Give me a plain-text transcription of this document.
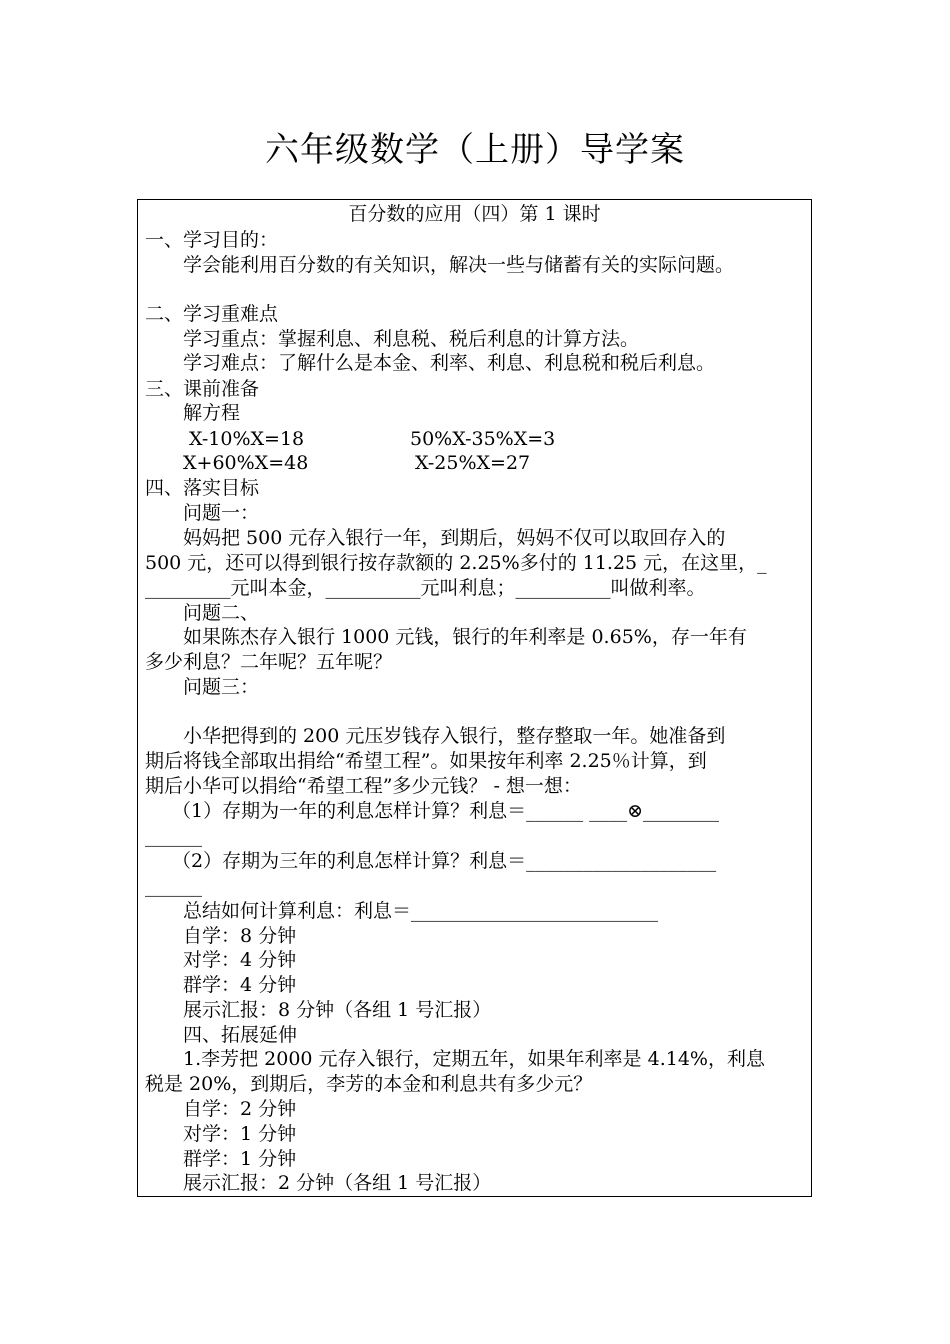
六年级数学（上册）导学案
百分数的应用（四）第 1 课时
一、学习目的：
学会能利用百分数的有关知识，解决一些与储蓄有关的实际问题。
二、学习重难点
学习重点：掌握利息、利息税、税后利息的计算方法。
学习难点：了解什么是本金、利率、利息、利息税和税后利息。
三、课前准备
解方程
X-10%X=18	50%X-35%X=3
X+60%X=48	X-25%X=27
四、落实目标
问题一：
妈妈把 500 元存入银行一年，到期后，妈妈不仅可以取回存入的
500 元，还可以得到银行按存款额的 2.25%多付的 11.25 元，在这里，_
_________元叫本金，__________元叫利息；__________叫做利率。
问题二、
如果陈杰存入银行 1000 元钱，银行的年利率是 0.65%，存一年有
多少利息？二年呢？五年呢？
问题三：
小华把得到的 200 元压岁钱存入银行，整存整取一年。她准备到
期后将钱全部取出捐给“希望工程”。如果按年利率 2.25％计算，到
期后小华可以捐给“希望工程”多少元钱？ - 想一想：
（1）存期为一年的利息怎样计算？利息＝______ ____⊗________
______
（2）存期为三年的利息怎样计算？利息＝____________________
______
总结如何计算利息：利息＝__________________________
自学：8 分钟
对学：4 分钟
群学：4 分钟
展示汇报：8 分钟（各组 1 号汇报）
四、拓展延伸
1.李芳把 2000 元存入银行，定期五年，如果年利率是 4.14%，利息
税是 20%，到期后，李芳的本金和利息共有多少元？
自学：2 分钟
对学：1 分钟
群学：1 分钟
展示汇报：2 分钟（各组 1 号汇报）
